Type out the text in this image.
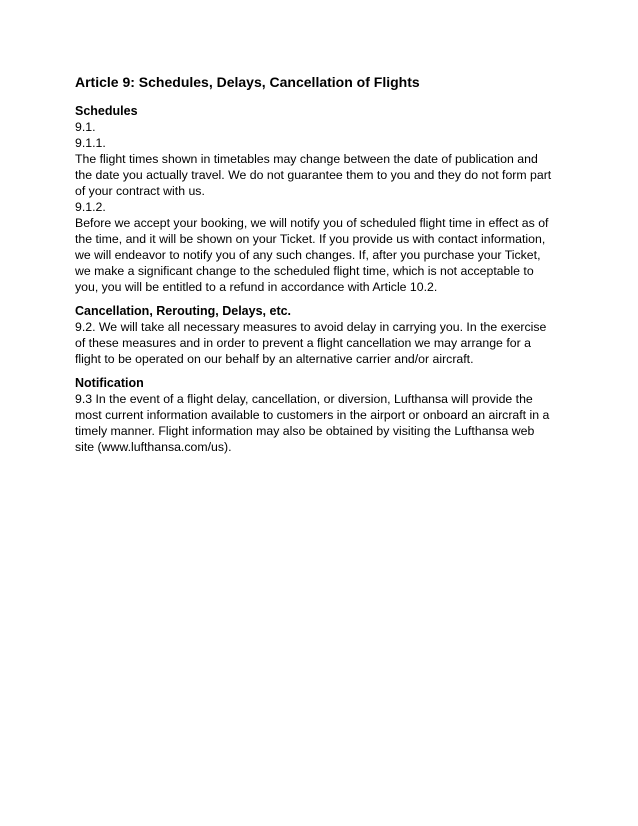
Article 9: Schedules, Delays, Cancellation of Flights
Schedules
9.1.
9.1.1.
The flight times shown in timetables may change between the date of publication and
the date you actually travel. We do not guarantee them to you and they do not form part
of your contract with us.
9.1.2.
Before we accept your booking, we will notify you of scheduled flight time in effect as of
the time, and it will be shown on your Ticket. If you provide us with contact information,
we will endeavor to notify you of any such changes. If, after you purchase your Ticket,
we make a significant change to the scheduled flight time, which is not acceptable to
you, you will be entitled to a refund in accordance with Article 10.2.
Cancellation, Rerouting, Delays, etc.
9.2. We will take all necessary measures to avoid delay in carrying you. In the exercise
of these measures and in order to prevent a flight cancellation we may arrange for a
flight to be operated on our behalf by an alternative carrier and/or aircraft.
Notification
9.3 In the event of a flight delay, cancellation, or diversion, Lufthansa will provide the
most current information available to customers in the airport or onboard an aircraft in a
timely manner. Flight information may also be obtained by visiting the Lufthansa web
site (www.lufthansa.com/us).
